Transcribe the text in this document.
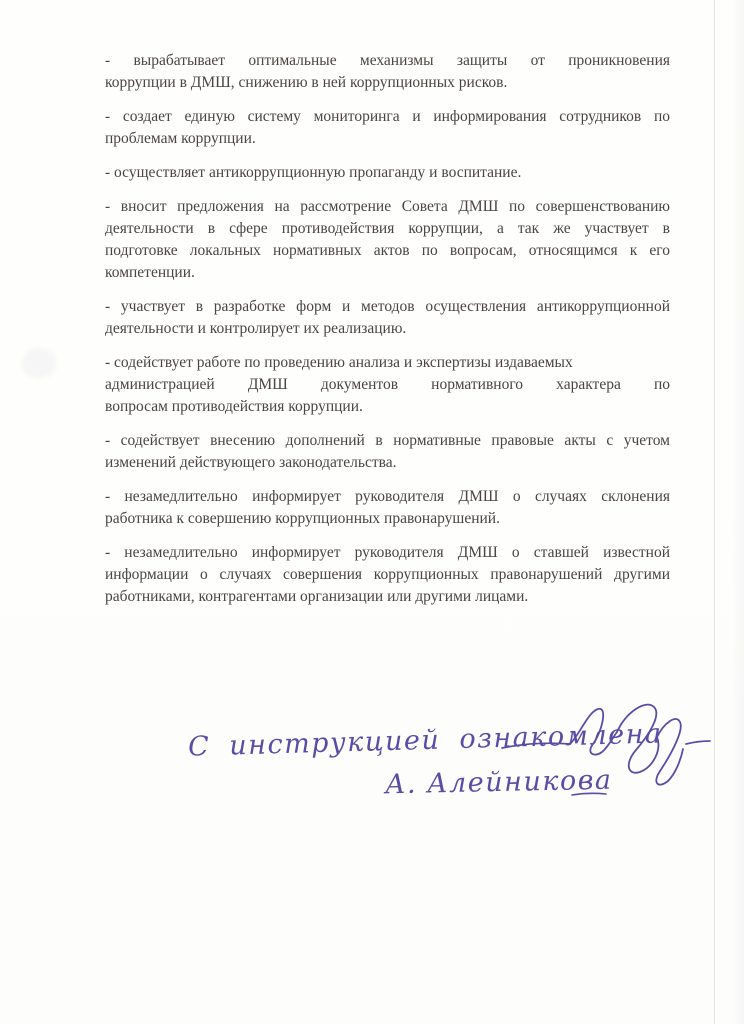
- вырабатывает оптимальные механизмы защиты от проникновения
коррупции в ДМШ, снижению в ней коррупционных рисков.
- создает единую систему мониторинга и информирования сотрудников по
проблемам коррупции.
- осуществляет антикоррупционную пропаганду и воспитание.
- вносит предложения на рассмотрение Совета ДМШ по совершенствованию
деятельности в сфере противодействия коррупции, а так же участвует в
подготовке локальных нормативных актов по вопросам, относящимся к его
компетенции.
- участвует в разработке форм и методов осуществления антикоррупционной
деятельности и контролирует их реализацию.
- содействует работе по проведению анализа и экспертизы издаваемых
администрацией ДМШ документов нормативного характера по
вопросам противодействия коррупции.
- содействует внесению дополнений в нормативные правовые акты с учетом
изменений действующего законодательства.
- незамедлительно информирует руководителя ДМШ о случаях склонения
работника к совершению коррупционных правонарушений.
- незамедлительно информирует руководителя ДМШ о ставшей известной
информации о случаях совершения коррупционных правонарушений другими
работниками, контрагентами организации или другими лицами.
С инструкцией ознакомлена
А. Алейникова
